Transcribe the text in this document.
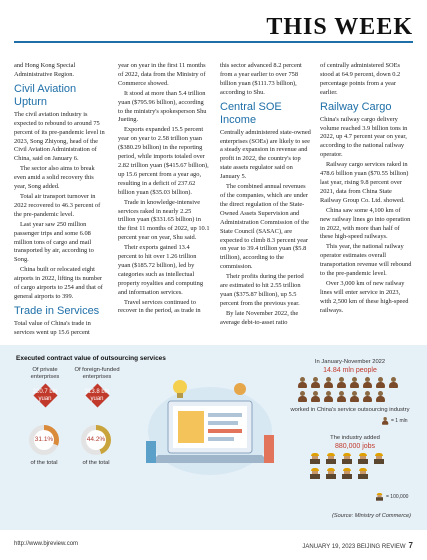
THIS WEEK

and Hong Kong Special Administrative Region.

Civil Aviation Upturn

The civil aviation industry is expected to rebound to around 75 percent of its pre-pandemic level in 2023, Song Zhiyong, head of the Civil Aviation Administration of China, said on January 6.

The sector also aims to break even amid a solid recovery this year, Song added.

Total air transport turnover in 2022 recovered to 46.3 percent of the pre-pandemic level.

Last year saw 250 million passenger trips and some 6.08 million tons of cargo and mail transported by air, according to Song.

China built or relocated eight airports in 2022, lifting its number of cargo airports to 254 and that of general airports to 399.

Trade in Services

Total value of China's trade in services went up 15.6 percent

year on year in the first 11 months of 2022, data from the Ministry of Commerce showed.

It stood at more than 5.4 trillion yuan ($795.96 billion), according to the ministry's spokesperson Shu Jueting.

Exports expanded 15.5 percent year on year to 2.58 trillion yuan ($380.29 billion) in the reporting period, while imports totaled over 2.82 trillion yuan ($415.67 billion), up 15.6 percent from a year ago, resulting in a deficit of 237.62 billion yuan ($35.03 billion).

Trade in knowledge-intensive services raked in nearly 2.25 trillion yuan ($331.65 billion) in the first 11 months of 2022, up 10.1 percent year on year, Shu said.

Their exports gained 13.4 percent to hit over 1.26 trillion yuan ($185.72 billion), led by categories such as intellectual property royalties and computing and information services.

Travel services continued to recover in the period, as trade in

this sector advanced 8.2 percent from a year earlier to over 758 billion yuan ($111.73 billion), according to Shu.

Central SOE Income

Centrally administered state-owned enterprises (SOEs) are likely to see a steady expansion in revenue and profit in 2022, the country's top state assets regulator said on January 5.

The combined annual revenues of the companies, which are under the direct regulation of the State-Owned Assets Supervision and Administration Commission of the State Council (SASAC), are expected to climb 8.3 percent year on year to 39.4 trillion yuan ($5.8 trillion), according to the commission.

Their profits during the period are estimated to hit 2.55 trillion yuan ($375.87 billion), up 5.5 percent from the previous year.

By late November 2022, the average debt-to-asset ratio

of centrally administered SOEs stood at 64.9 percent, down 0.2 percentage points from a year earlier.

Railway Cargo

China's railway cargo delivery volume reached 3.9 billion tons in 2022, up 4.7 percent year on year, according to the national railway operator.

Railway cargo services raked in 478.6 billion yuan ($70.55 billion) last year, rising 9.8 percent over 2021, data from China State Railway Group Co. Ltd. showed.

China saw some 4,100 km of new railway lines go into operation in 2022, with more than half of these high-speed railways.

This year, the national railway operator estimates overall transportation revenue will rebound to the pre-pandemic level.

Over 3,000 km of new railway lines will enter service in 2023, with 2,500 km of these high-speed railways.

Executed contract value of outsourcing services
Of private enterprises
Of foreign-funded enterprises
220.7 bln yuan
313.8 bln yuan
31.1%	44.2%
of the total	of the total
In January-November 2022
14.84 mln people
worked in China's service outsourcing industry
= 1 mln
The industry added
880,000 jobs
= 100,000
(Source: Ministry of Commerce)
http://www.bjreview.com	JANUARY 19, 2023 BEIJING REVIEW 7
